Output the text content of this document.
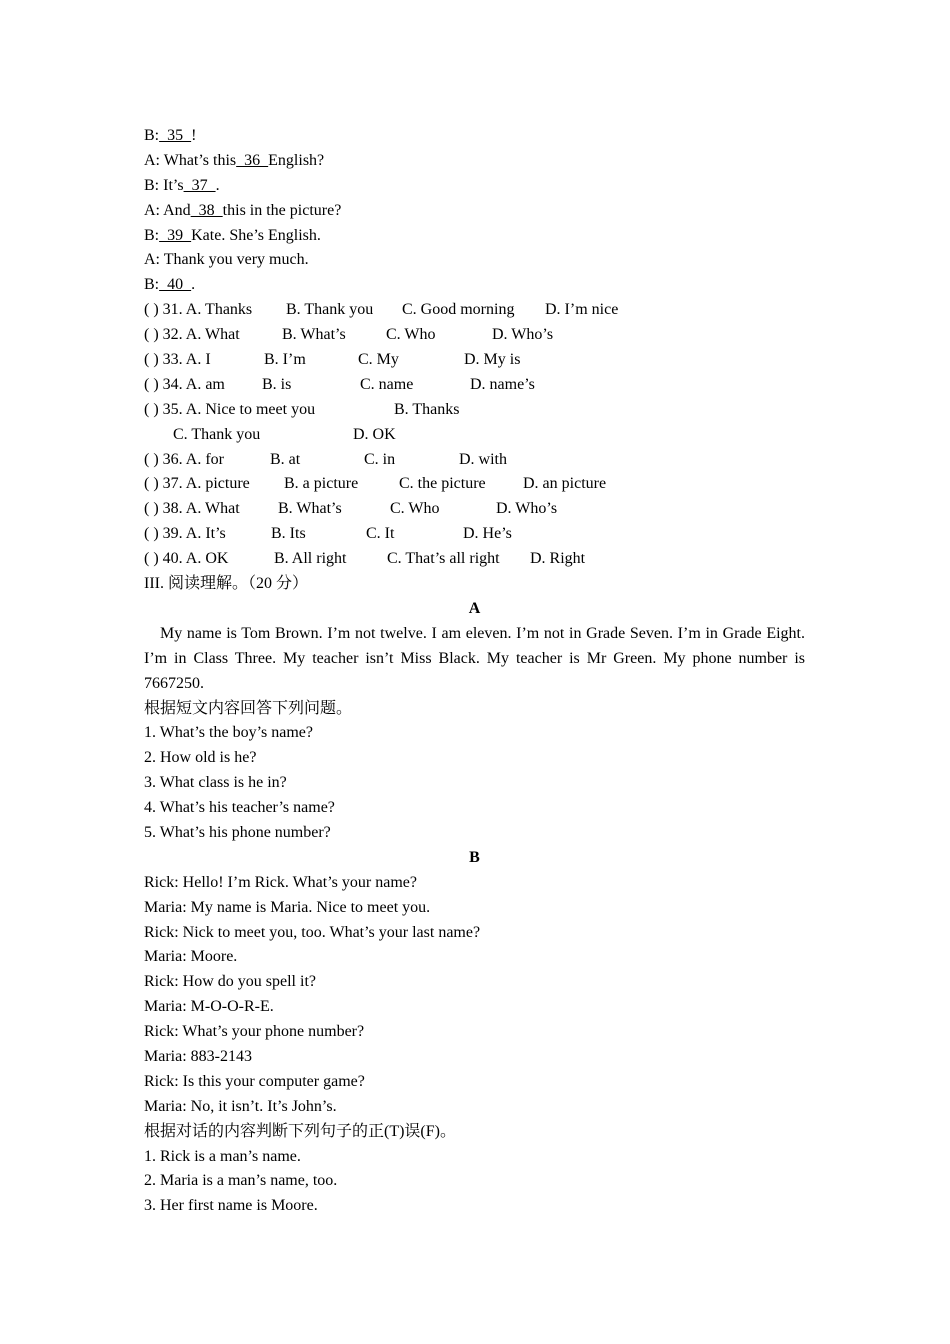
B:  35  !
A: What’s this  36  English?
B: It’s  37  .
A: And  38  this in the picture?
B:  39  Kate. She’s English.
A: Thank you very much.
B:  40  .
( ) 31. A. Thanks B. Thank you C. Good morning D. I’m nice
( ) 32. A. What	B. What’s	C. Who	D. Who’s
( ) 33. A. I	B. I’m	C. My	D. My is
( ) 34. A. am B. is	C. name	D. name’s
( ) 35. A. Nice to meet you	B. Thanks
C. Thank you	D. OK
( ) 36. A. for	B. at	C. in	D. with
( ) 37. A. picture B. a picture	C. the picture D. an picture
( ) 38. A. What B. What’s	C. Who	D. Who’s
( ) 39. A. It’s	B. Its	C. It	D. He’s
( ) 40. A. OK	B. All right	C. That’s all right D. Right
III. 阅读理解。（20 分）
A
My name is Tom Brown. I’m not twelve. I am eleven. I’m not in Grade Seven. I’m in Grade Eight. I’m in Class Three. My teacher isn’t Miss Black. My teacher is Mr Green. My phone number is 7667250.
根据短文内容回答下列问题。
1. What’s the boy’s name?
2. How old is he?
3. What class is he in?
4. What’s his teacher’s name?
5. What’s his phone number?
B
Rick: Hello! I’m Rick. What’s your name?
Maria: My name is Maria. Nice to meet you.
Rick: Nick to meet you, too. What’s your last name?
Maria: Moore.
Rick: How do you spell it?
Maria: M-O-O-R-E.
Rick: What’s your phone number?
Maria: 883-2143
Rick: Is this your computer game?
Maria: No, it isn’t. It’s John’s.
根据对话的内容判断下列句子的正(T)误(F)。
1. Rick is a man’s name.
2. Maria is a man’s name, too.
3. Her first name is Moore.
